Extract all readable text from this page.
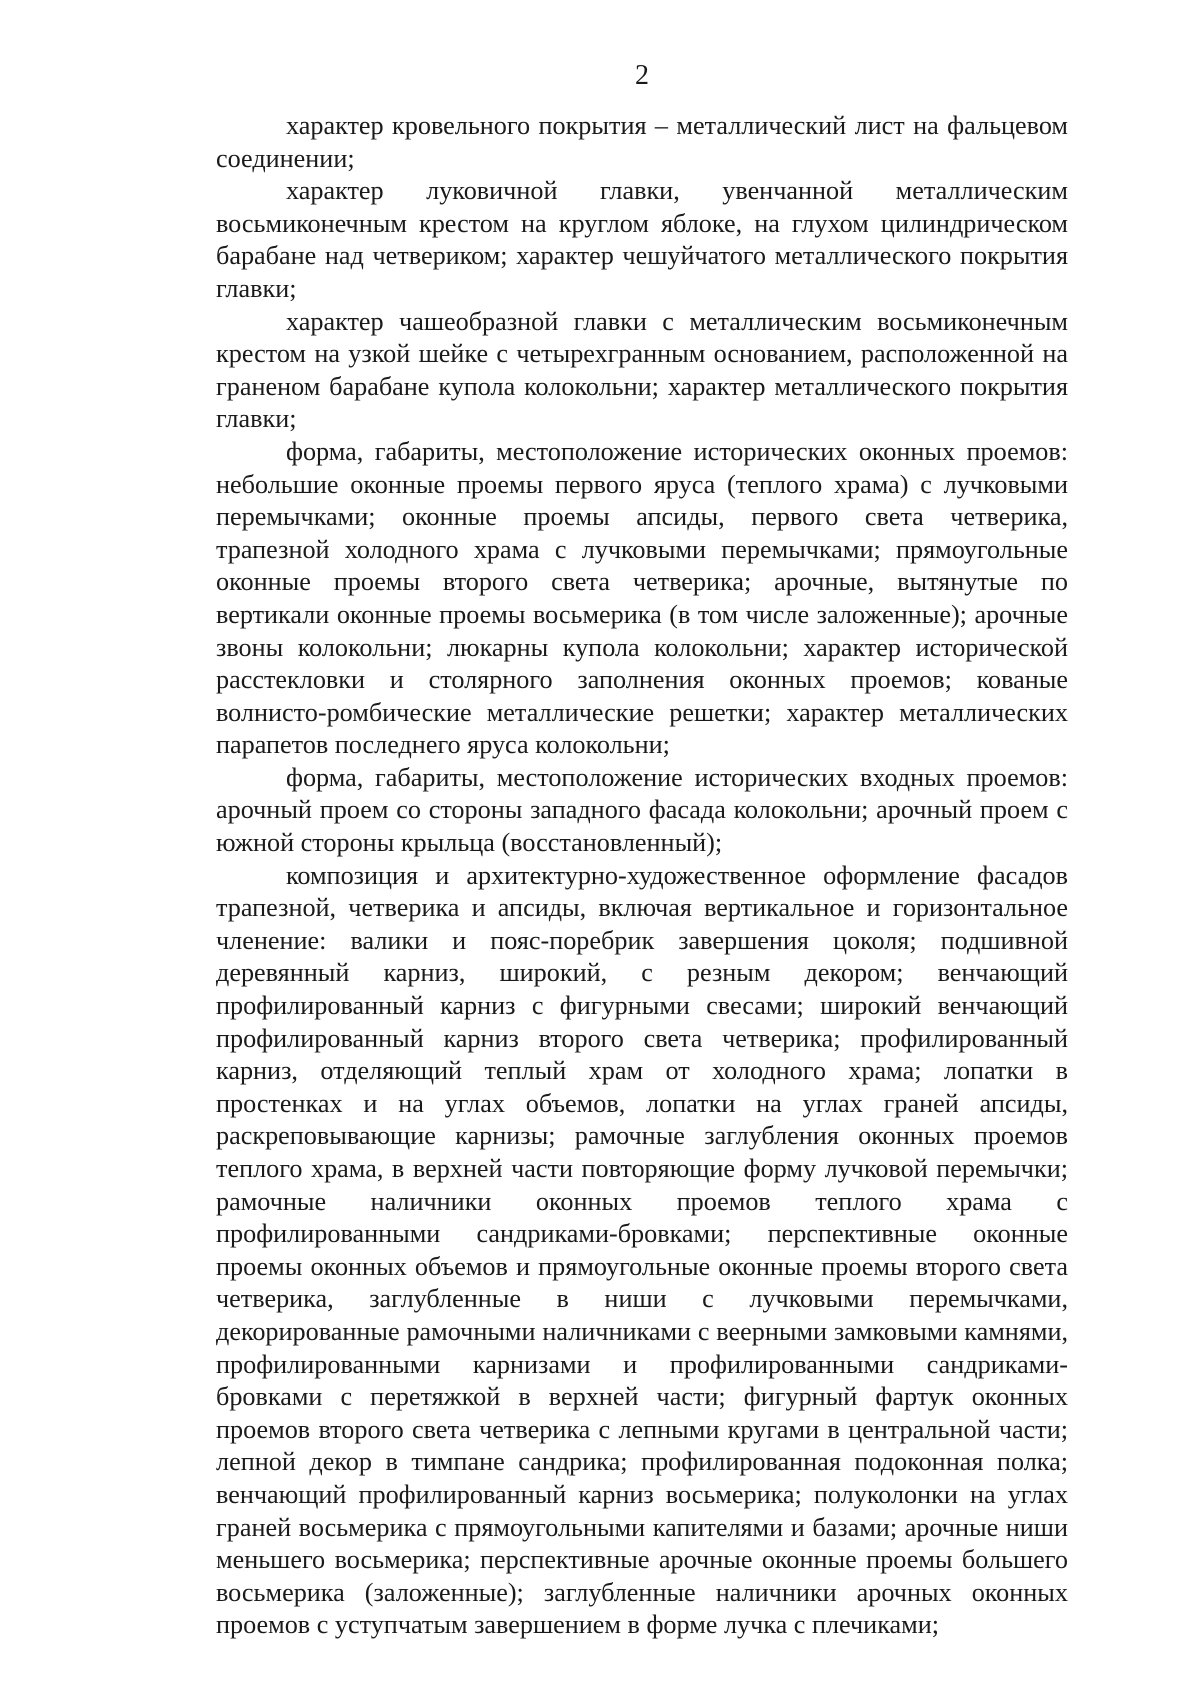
2

характер кровельного покрытия – металлический лист на фальцевом соединении;

характер луковичной главки, увенчанной металлическим восьмиконечным крестом на круглом яблоке, на глухом цилиндрическом барабане над четвериком; характер чешуйчатого металлического покрытия главки;

характер чашеобразной главки с металлическим восьмиконечным крестом на узкой шейке с четырехгранным основанием, расположенной на граненом барабане купола колокольни; характер металлического покрытия главки;

форма, габариты, местоположение исторических оконных проемов: небольшие оконные проемы первого яруса (теплого храма) с лучковыми перемычками; оконные проемы апсиды, первого света четверика, трапезной холодного храма с лучковыми перемычками; прямоугольные оконные проемы второго света четверика; арочные, вытянутые по вертикали оконные проемы восьмерика (в том числе заложенные); арочные звоны колокольни; люкарны купола колокольни; характер исторической расстекловки и столярного заполнения оконных проемов; кованые волнисто-ромбические металлические решетки; характер металлических парапетов последнего яруса колокольни;

форма, габариты, местоположение исторических входных проемов: арочный проем со стороны западного фасада колокольни; арочный проем с южной стороны крыльца (восстановленный);

композиция и архитектурно-художественное оформление фасадов трапезной, четверика и апсиды, включая вертикальное и горизонтальное членение: валики и пояс-поребрик завершения цоколя; подшивной деревянный карниз, широкий, с резным декором; венчающий профилированный карниз с фигурными свесами; широкий венчающий профилированный карниз второго света четверика; профилированный карниз, отделяющий теплый храм от холодного храма; лопатки в простенках и на углах объемов, лопатки на углах граней апсиды, раскреповывающие карнизы; рамочные заглубления оконных проемов теплого храма, в верхней части повторяющие форму лучковой перемычки; рамочные наличники оконных проемов теплого храма с профилированными сандриками-бровками; перспективные оконные проемы оконных объемов и прямоугольные оконные проемы второго света четверика, заглубленные в ниши с лучковыми перемычками, декорированные рамочными наличниками с веерными замковыми камнями, профилированными карнизами и профилированными сандриками-бровками с перетяжкой в верхней части; фигурный фартук оконных проемов второго света четверика с лепными кругами в центральной части; лепной декор в тимпане сандрика; профилированная подоконная полка; венчающий профилированный карниз восьмерика; полуколонки на углах граней восьмерика с прямоугольными капителями и базами; арочные ниши меньшего восьмерика; перспективные арочные оконные проемы большего восьмерика (заложенные); заглубленные наличники арочных оконных проемов с уступчатым завершением в форме лучка с плечиками;
